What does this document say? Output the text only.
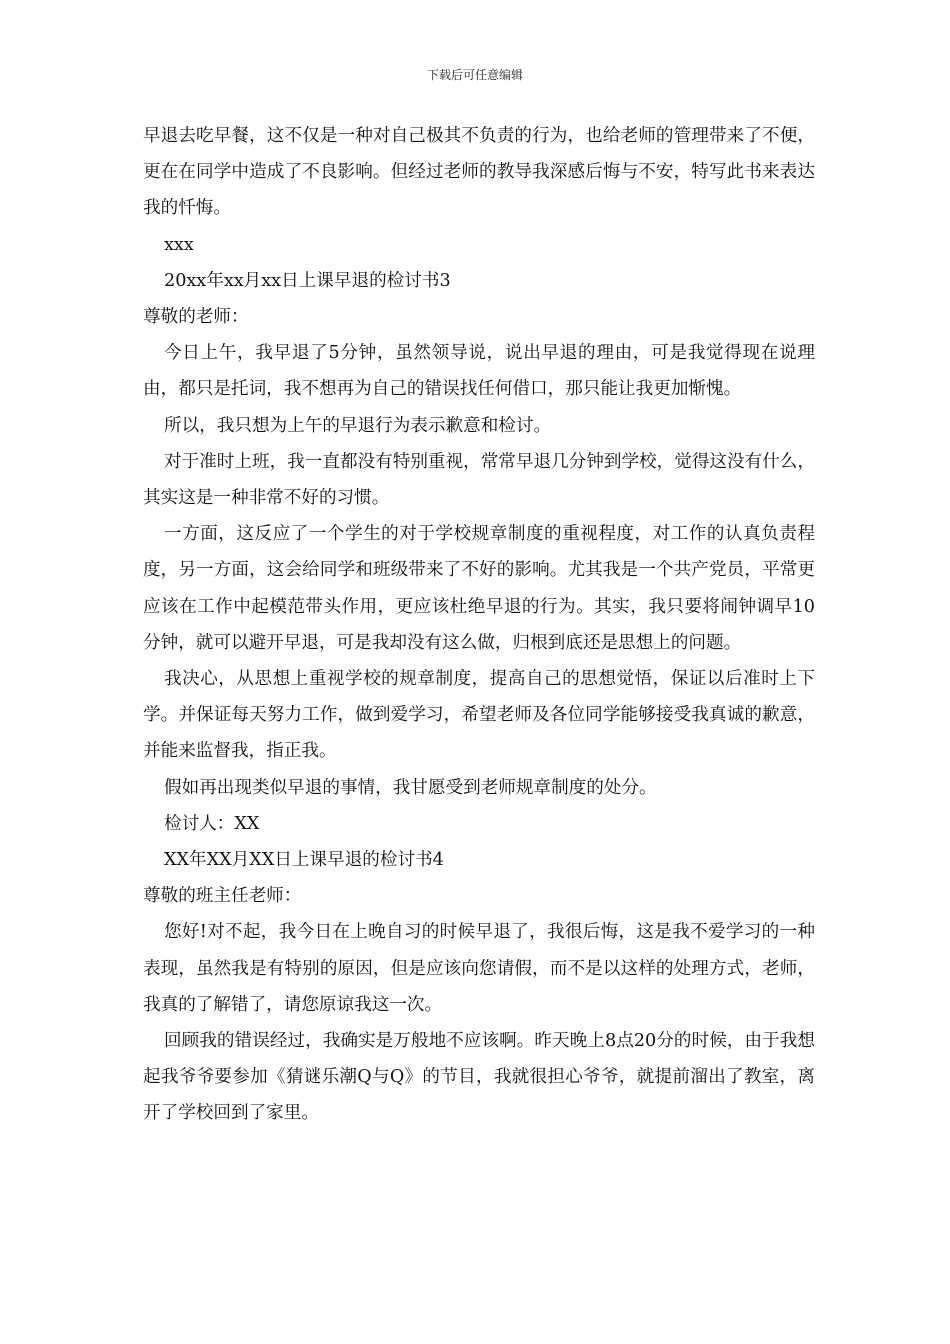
下载后可任意编辑

早退去吃早餐，这不仅是一种对自己极其不负责的行为，也给老师的管理带来了不便，更在在同学中造成了不良影响。但经过老师的教导我深感后悔与不安，特写此书来表达我的忏悔。

xxx

20xx年xx月xx日上课早退的检讨书3

尊敬的老师：

今日上午，我早退了5分钟，虽然领导说，说出早退的理由，可是我觉得现在说理由，都只是托词，我不想再为自己的错误找任何借口，那只能让我更加惭愧。

所以，我只想为上午的早退行为表示歉意和检讨。

对于准时上班，我一直都没有特别重视，常常早退几分钟到学校，觉得这没有什么，其实这是一种非常不好的习惯。

一方面，这反应了一个学生的对于学校规章制度的重视程度，对工作的认真负责程度，另一方面，这会给同学和班级带来了不好的影响。尤其我是一个共产党员，平常更应该在工作中起模范带头作用，更应该杜绝早退的行为。其实，我只要将闹钟调早10分钟，就可以避开早退，可是我却没有这么做，归根到底还是思想上的问题。

我决心，从思想上重视学校的规章制度，提高自己的思想觉悟，保证以后准时上下学。并保证每天努力工作，做到爱学习，希望老师及各位同学能够接受我真诚的歉意，并能来监督我，指正我。

假如再出现类似早退的事情，我甘愿受到老师规章制度的处分。

检讨人：XX

XX年XX月XX日上课早退的检讨书4

尊敬的班主任老师：

您好!对不起，我今日在上晚自习的时候早退了，我很后悔，这是我不爱学习的一种表现，虽然我是有特别的原因，但是应该向您请假，而不是以这样的处理方式，老师，我真的了解错了，请您原谅我这一次。

回顾我的错误经过，我确实是万般地不应该啊。昨天晚上8点20分的时候，由于我想起我爷爷要参加《猜谜乐潮Q与Q》的节目，我就很担心爷爷，就提前溜出了教室，离开了学校回到了家里。
